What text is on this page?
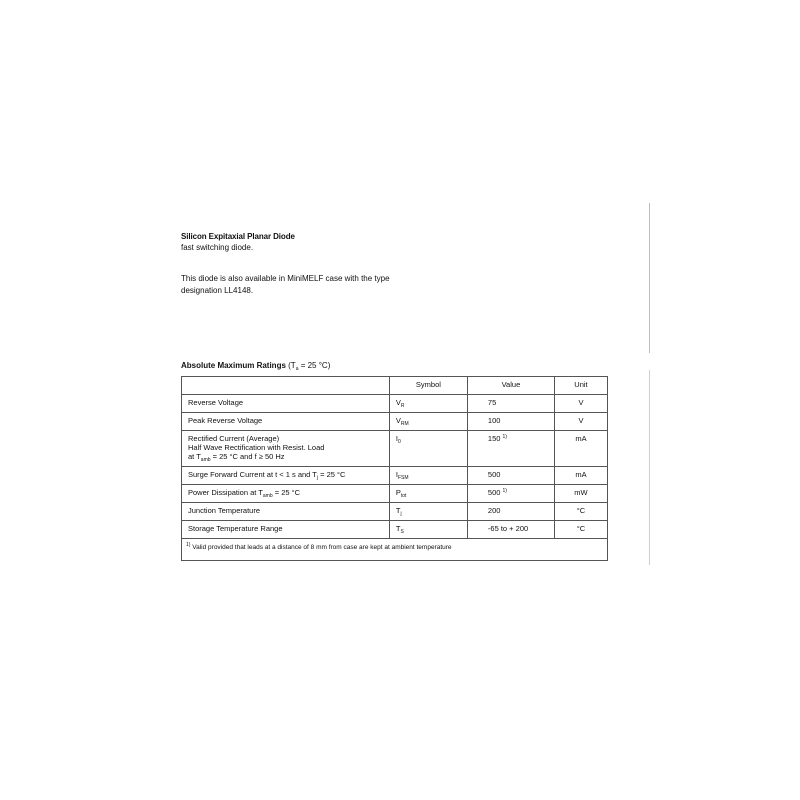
Silicon Expitaxial Planar Diode
fast switching diode.
This diode is also available in MiniMELF case with the type
designation LL4148.
Absolute Maximum Ratings ($T_a = 25$ °C)
	Symbol	Value	Unit
Reverse Voltage	$V_R$	75	V
Peak Reverse Voltage	$V_{RM}$	100	V

Rectified Current (Average)
Half Wave Rectification with Resist. Load
at $T_{amb} = 25$ °C and f ≥ 50 Hz	$I_0$	150 $^{1)}$	mA
Surge Forward Current at t < 1 s and $T_j = 25$ °C	$I_{FSM}$	500	mA
Power Dissipation at $T_{amb} = 25$ °C	$P_{tot}$	500 $^{1)}$	mW
Junction Temperature	$T_j$	200	°C
Storage Temperature Range	$T_S$	-65 to + 200	°C
$^{1)}$ Valid provided that leads at a distance of 8 mm from case are kept at ambient temperature			
